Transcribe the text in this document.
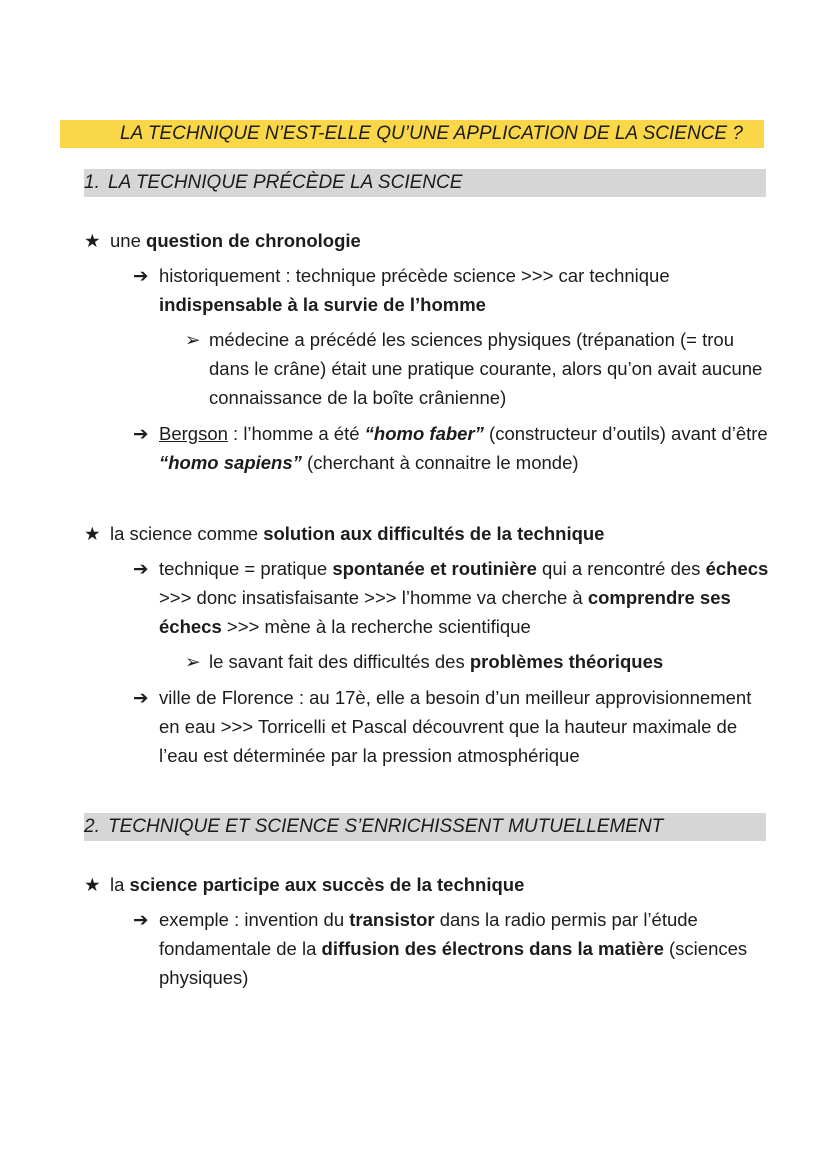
LA TECHNIQUE N’EST-ELLE QU’UNE APPLICATION DE LA SCIENCE ?
1. LA TECHNIQUE PRÉCÈDE LA SCIENCE
★ une question de chronologie
➔ historiquement : technique précède science >>> car technique
indispensable à la survie de l’homme
➢ médecine a précédé les sciences physiques (trépanation (= trou
dans le crâne) était une pratique courante, alors qu’on avait aucune
connaissance de la boîte crânienne)
➔ Bergson : l’homme a été “homo faber” (constructeur d’outils) avant d’être
“homo sapiens” (cherchant à connaitre le monde)
★ la science comme solution aux difficultés de la technique
➔ technique = pratique spontanée et routinière qui a rencontré des échecs
>>> donc insatisfaisante >>> l’homme va cherche à comprendre ses
échecs >>> mène à la recherche scientifique
➢ le savant fait des difficultés des problèmes théoriques
➔ ville de Florence : au 17è, elle a besoin d’un meilleur approvisionnement
en eau >>> Torricelli et Pascal découvrent que la hauteur maximale de
l’eau est déterminée par la pression atmosphérique
2. TECHNIQUE ET SCIENCE S’ENRICHISSENT MUTUELLEMENT
★ la science participe aux succès de la technique
➔ exemple : invention du transistor dans la radio permis par l’étude
fondamentale de la diffusion des électrons dans la matière (sciences
physiques)
